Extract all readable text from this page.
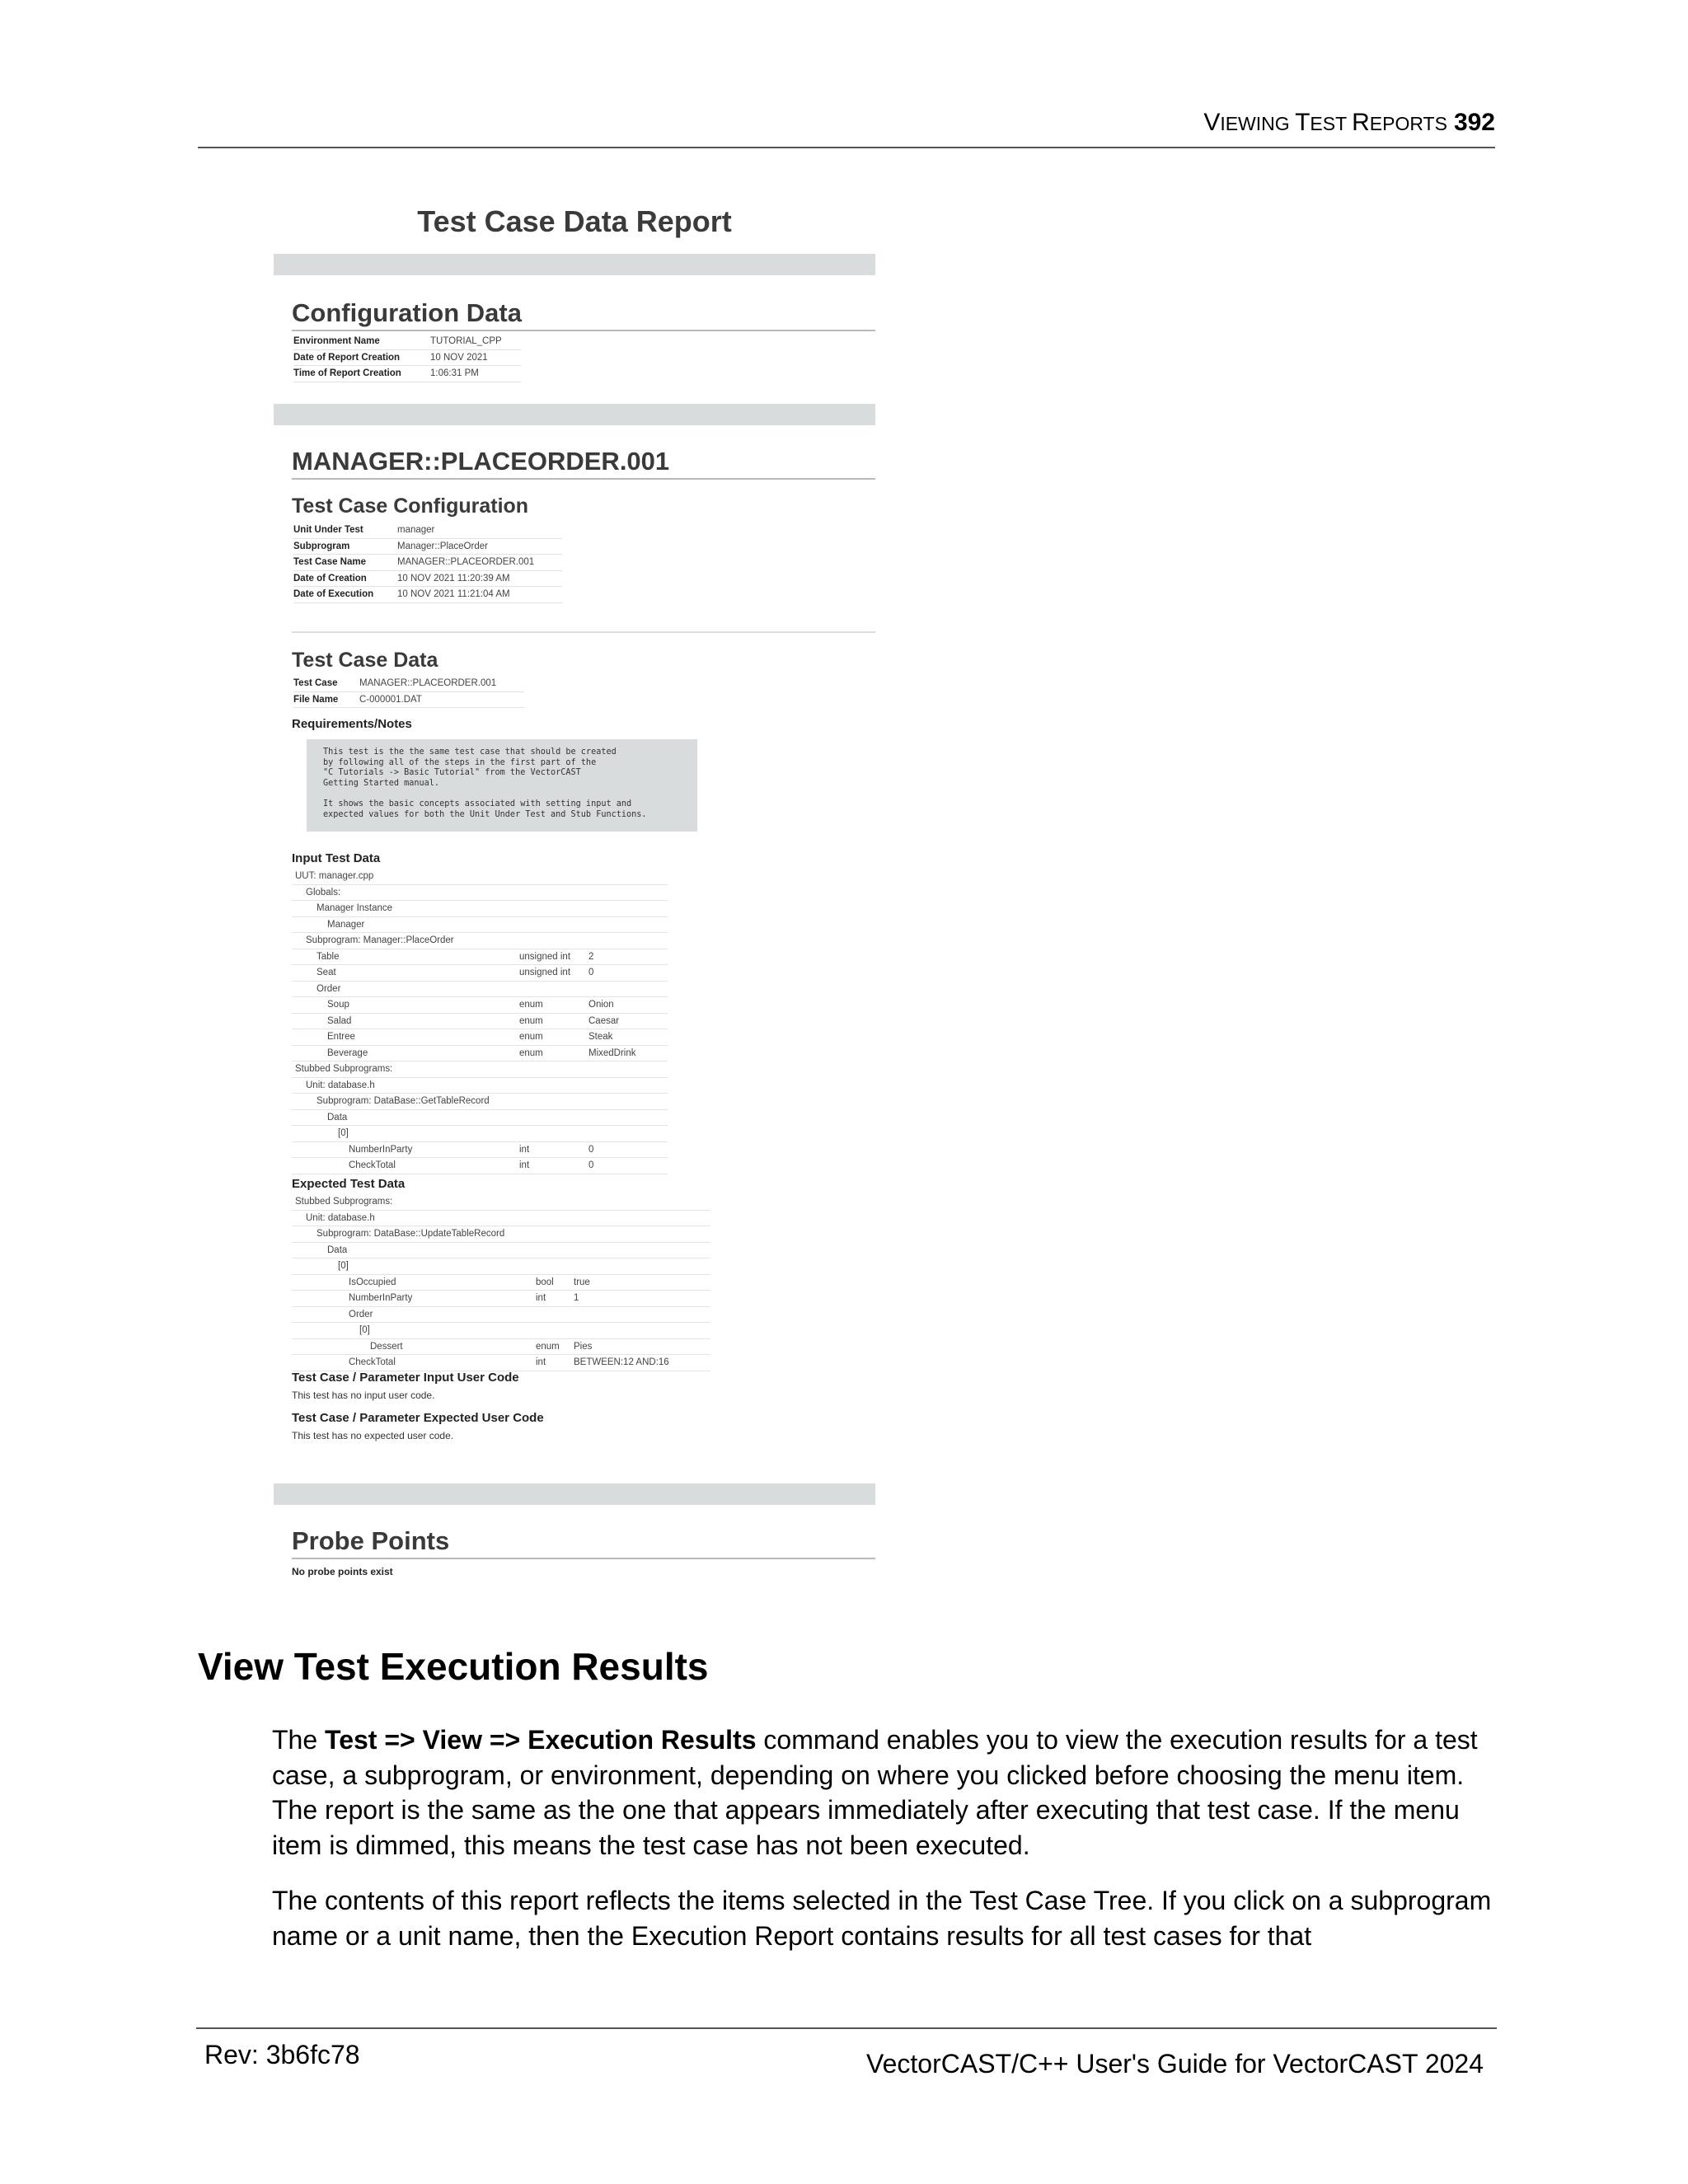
VIEWING TEST REPORTS 392
Test Case Data Report
Configuration Data
Environment Name	TUTORIAL_CPP
Date of Report Creation	10 NOV 2021
Time of Report Creation	1:06:31 PM
MANAGER::PLACEORDER.001
Test Case Configuration
Unit Under Test	manager
Subprogram	Manager::PlaceOrder
Test Case Name	MANAGER::PLACEORDER.001
Date of Creation	10 NOV 2021 11:20:39 AM
Date of Execution	10 NOV 2021 11:21:04 AM
Test Case Data
Test Case	MANAGER::PLACEORDER.001
File Name	C-000001.DAT
Requirements/Notes
This test is the the same test case that should be created
by following all of the steps in the first part of the
"C Tutorials -> Basic Tutorial" from the VectorCAST
Getting Started manual.

It shows the basic concepts associated with setting input and
expected values for both the Unit Under Test and Stub Functions.
Input Test Data
UUT: manager.cpp
Globals:
Manager Instance
Manager
Subprogram: Manager::PlaceOrder
Table	unsigned int	2
Seat	unsigned int	0
Order
Soup	enum	Onion
Salad	enum	Caesar
Entree	enum	Steak
Beverage	enum	MixedDrink
Stubbed Subprograms:
Unit: database.h
Subprogram: DataBase::GetTableRecord
Data
[0]
NumberInParty	int	0
CheckTotal	int	0
Expected Test Data
Stubbed Subprograms:
Unit: database.h
Subprogram: DataBase::UpdateTableRecord
Data
[0]
IsOccupied	bool	true
NumberInParty	int	1
Order
[0]
Dessert	enum	Pies
CheckTotal	int	BETWEEN:12 AND:16
Test Case / Parameter Input User Code
This test has no input user code.
Test Case / Parameter Expected User Code
This test has no expected user code.
Probe Points
No probe points exist
View Test Execution Results
The Test => View => Execution Results command enables you to view the execution results for a test case, a subprogram, or environment, depending on where you clicked before choosing the menu item. The report is the same as the one that appears immediately after executing that test case. If the menu item is dimmed, this means the test case has not been executed.
The contents of this report reflects the items selected in the Test Case Tree. If you click on a subprogram name or a unit name, then the Execution Report contains results for all test cases for that
Rev: 3b6fc78	VectorCAST/C++ User's Guide for VectorCAST 2024
